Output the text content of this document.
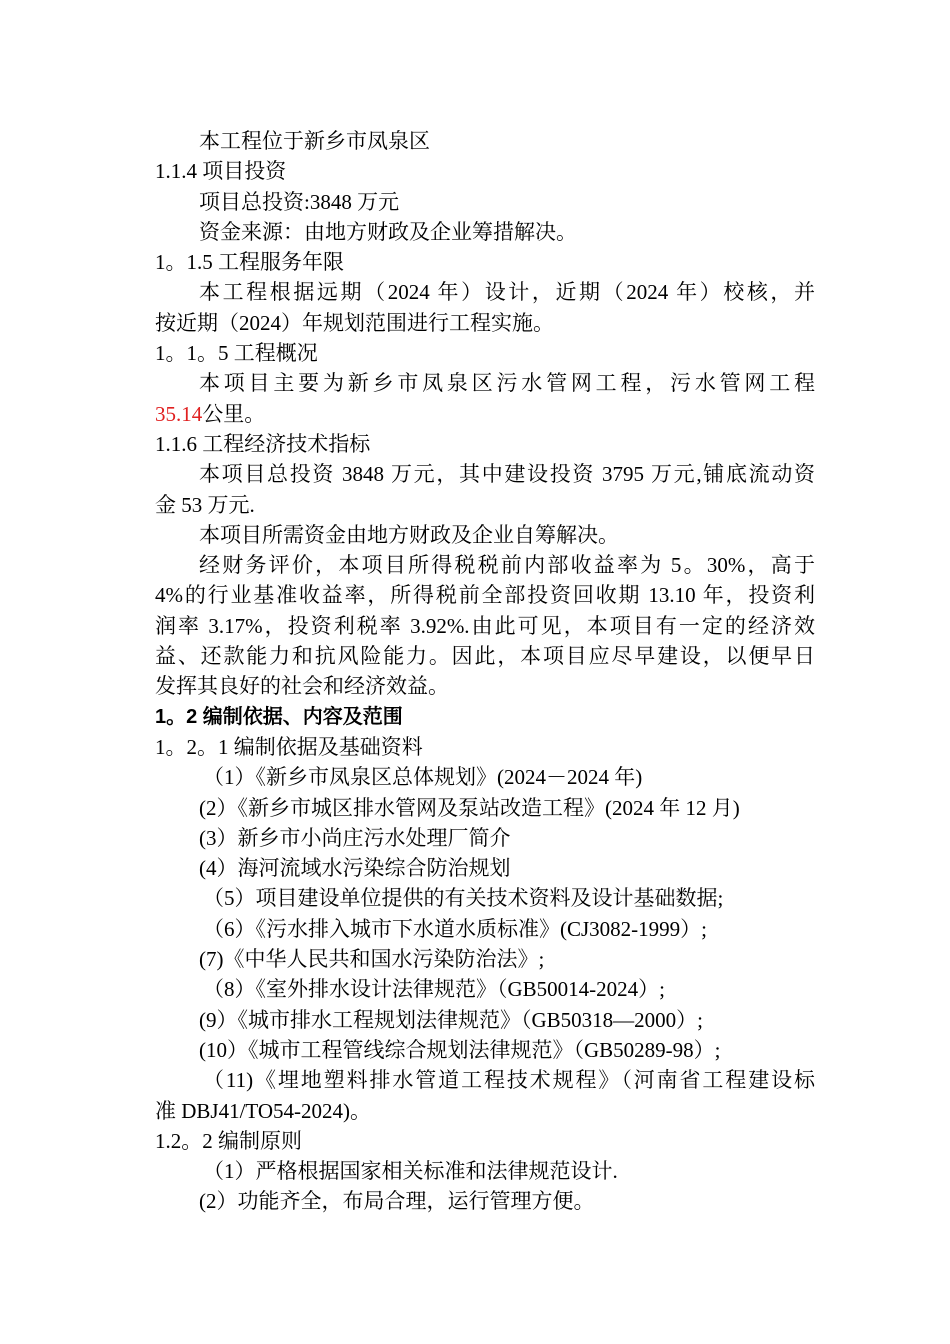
本工程位于新乡市凤泉区
1.1.4 项目投资
项目总投资:3848 万元
资金来源：由地方财政及企业筹措解决。
1。1.5 工程服务年限
本工程根据远期（2024 年）设计，近期（2024 年）校核，并
按近期（2024）年规划范围进行工程实施。
1。1。5 工程概况
本项目主要为新乡市凤泉区污水管网工程，污水管网工程
35.14公里。
1.1.6 工程经济技术指标
本项目总投资 3848 万元，其中建设投资 3795 万元,铺底流动资
金 53 万元.
本项目所需资金由地方财政及企业自筹解决。
经财务评价，本项目所得税税前内部收益率为 5。30%，高于
4%的行业基准收益率，所得税前全部投资回收期 13.10 年，投资利
润率 3.17%，投资利税率 3.92%.由此可见，本项目有一定的经济效
益、还款能力和抗风险能力。因此，本项目应尽早建设，以便早日
发挥其良好的社会和经济效益。
1。2 编制依据、内容及范围
1。2。1 编制依据及基础资料
（1）《新乡市凤泉区总体规划》(2024－2024 年)
(2）《新乡市城区排水管网及泵站改造工程》(2024 年 12 月)
(3）新乡市小尚庄污水处理厂简介
(4）海河流域水污染综合防治规划
（5）项目建设单位提供的有关技术资料及设计基础数据;
（6）《污水排入城市下水道水质标准》(CJ3082-1999）;
(7)《中华人民共和国水污染防治法》;
（8）《室外排水设计法律规范》（GB50014-2024）;
(9）《城市排水工程规划法律规范》（GB50318—2000）;
(10）《城市工程管线综合规划法律规范》（GB50289-98）;
（11)《埋地塑料排水管道工程技术规程》（河南省工程建设标
准 DBJ41/TO54-2024)。
1.2。2 编制原则
（1）严格根据国家相关标准和法律规范设计.
(2）功能齐全，布局合理，运行管理方便。
